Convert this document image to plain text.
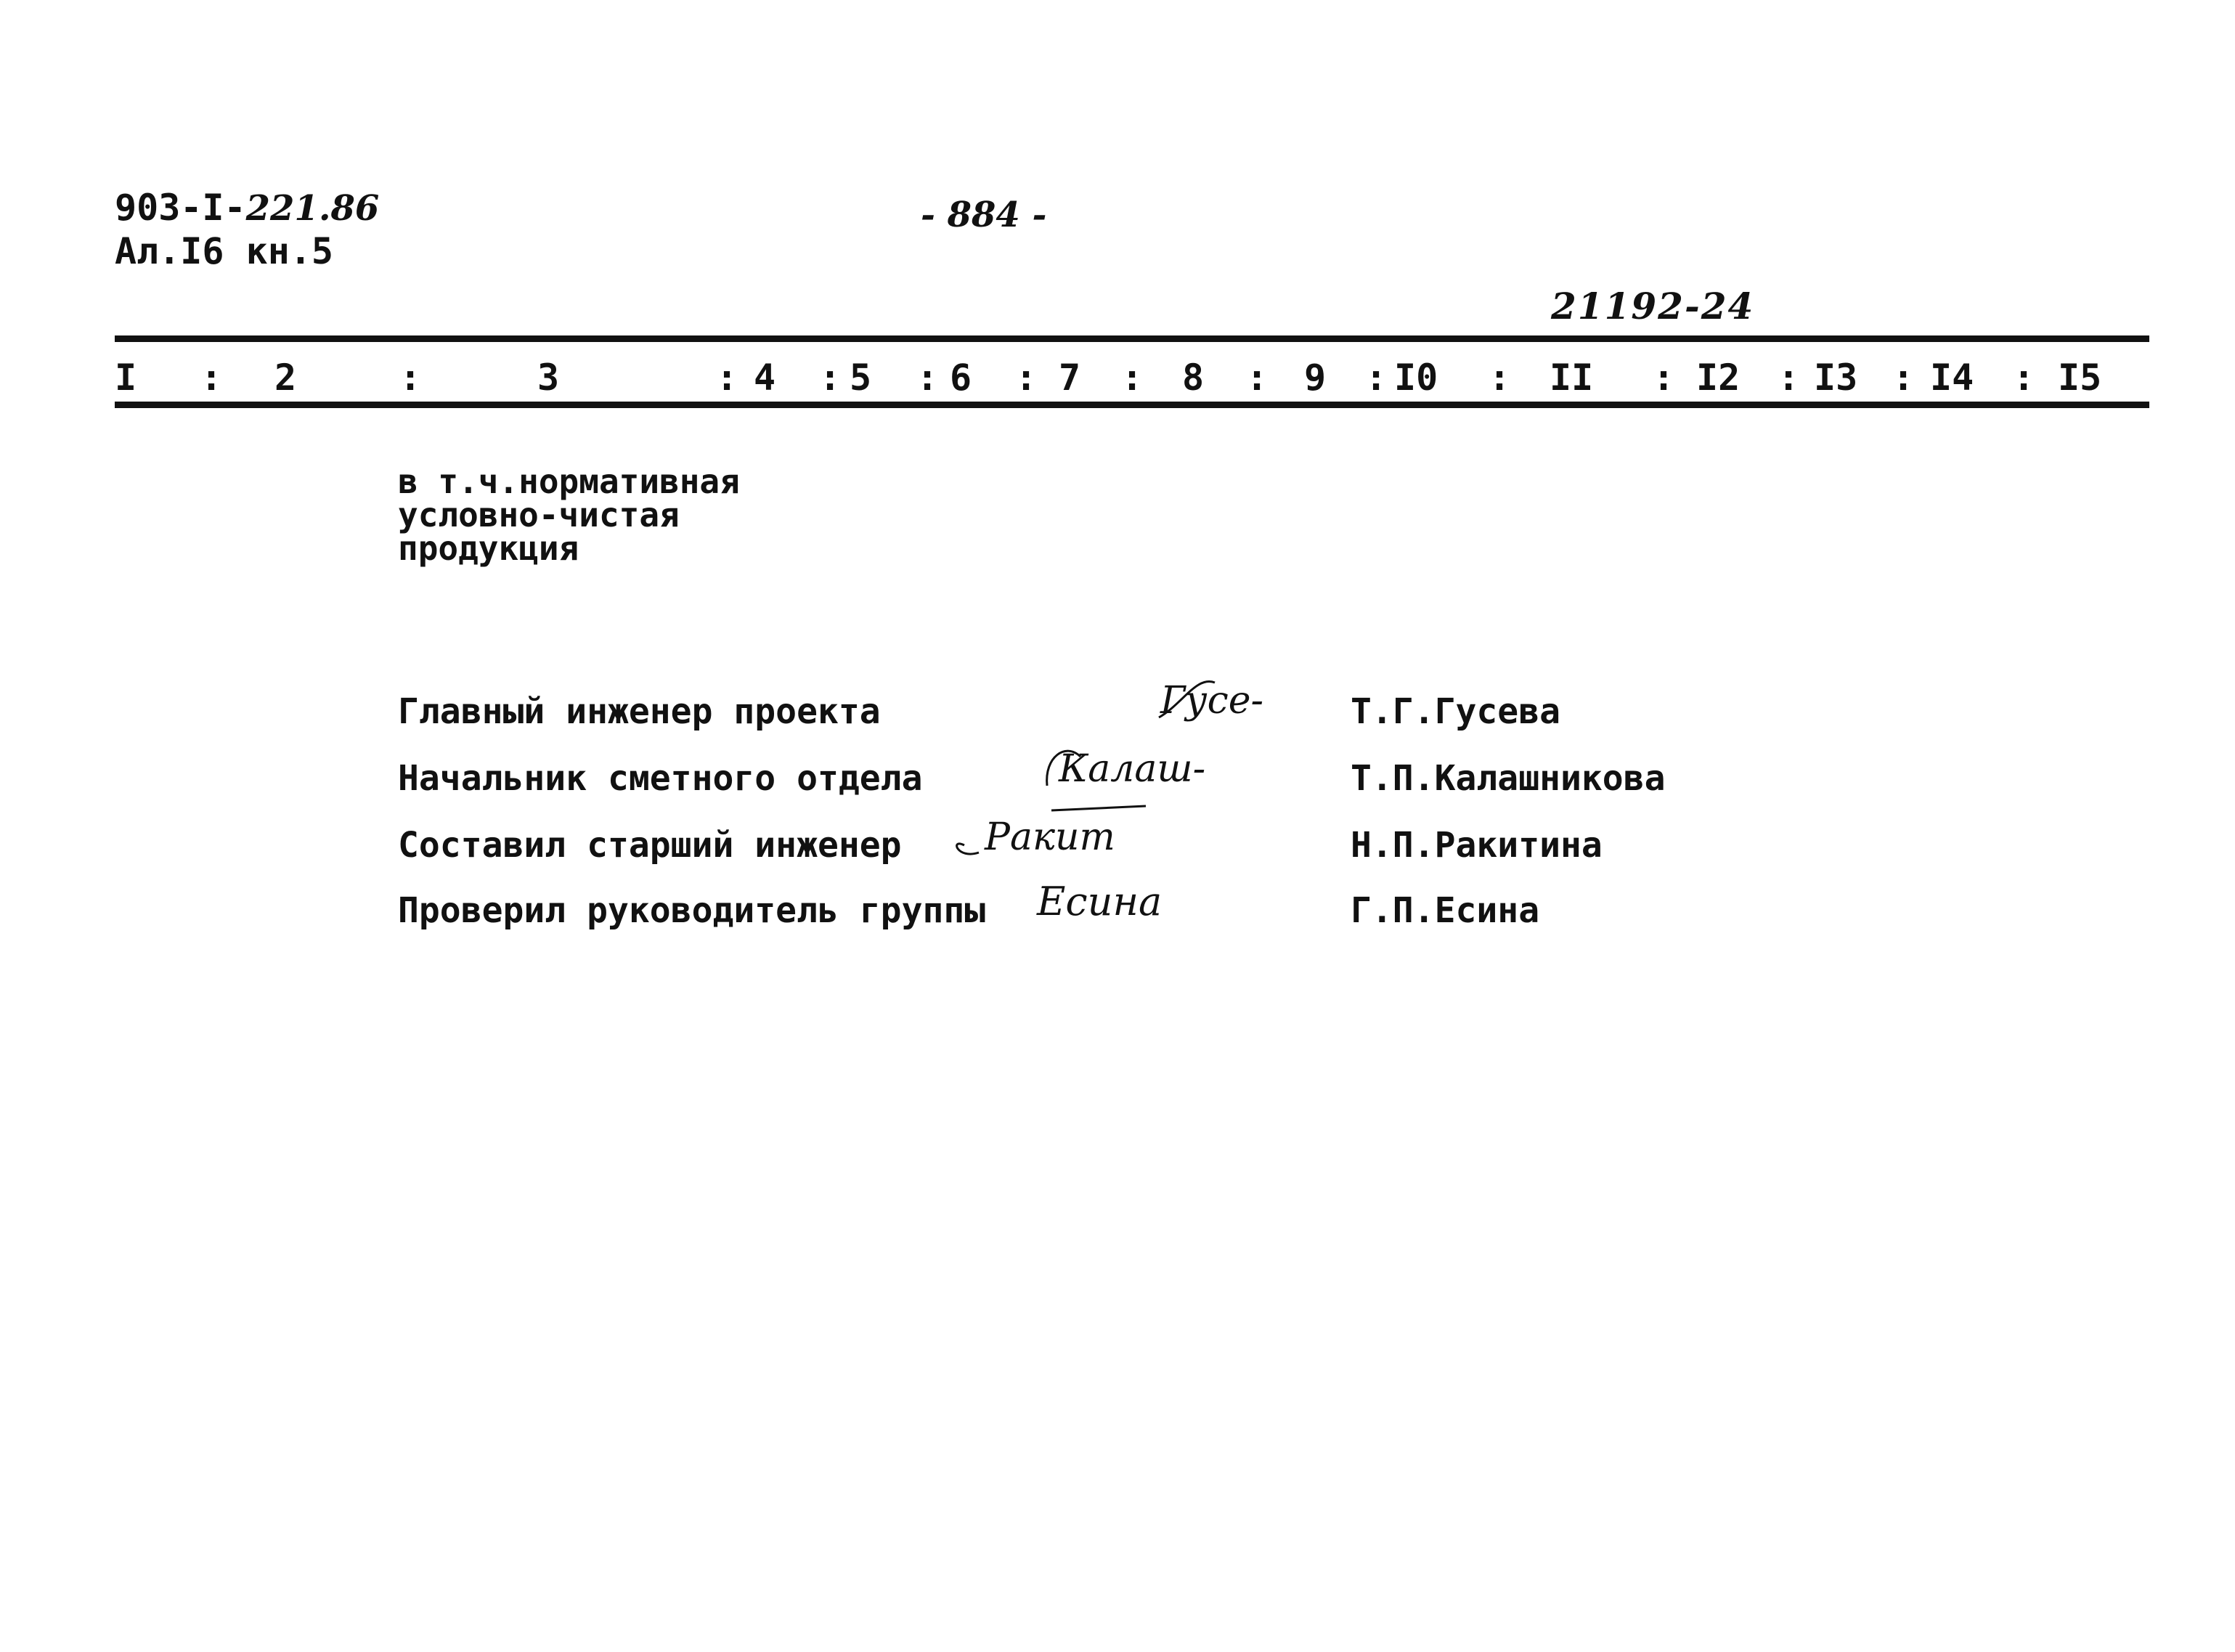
903-I-221.86
Ал.I6 кн.5
- 884 -
21192-24
I : 2	:	3	: 4 : 5 : 6 : 7 : 8 : 9 : I0 : II : I2 : I3 : I4 : I5
в т.ч.нормативная
условно-чистая
продукция
Главный инженер проекта	Гусе- Т.Г.Гусева
Начальник сметного отдела	Калаш-	Т.П.Калашникова
Составил старший инженер Ракит	Н.П.Ракитина
Проверил руководитель группы Есина	Г.П.Есина
